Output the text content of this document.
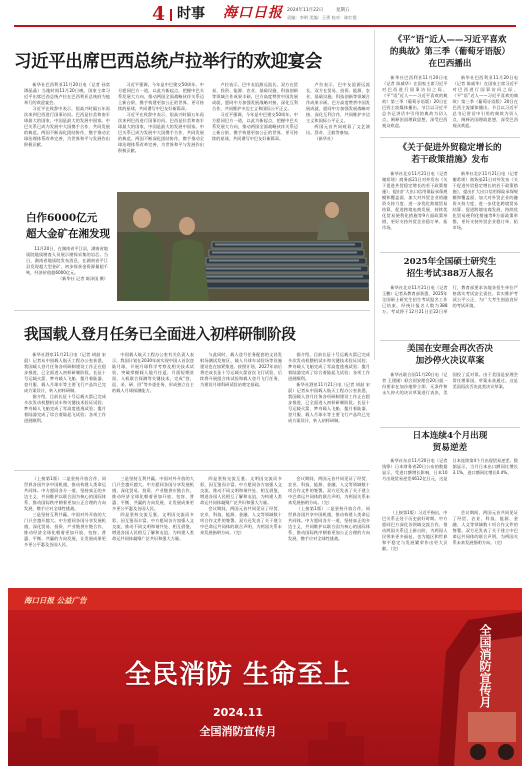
4 时事 海口日报 2024年11月22日	星期五
责编：李明 美编：王勇 校对：陈红霞
习近平出席巴西总统卢拉举行的欢迎宴会

新华社巴西利亚11月20日电（记者 孙奕 谭晶晶）当地时间11月20日晚，国家主席习近平出席巴西总统卢拉在巴西利亚总统府为他举行的欢迎宴会。

习近平在致辞中表示，很高兴时隔五年再次来到巴西进行国事访问。巴西是拉美和南半球最大的国家，中国是最大的发展中国家。中巴关系已成为发展中大国携手合作、共同发展的典范。两国不断深化团结协作，携手推动全球治理体系改革完善，为世界和平与发展作出积极贡献。

习近平强调，今年是中巴建交50周年。中方愿同巴方一道，以此为新起点，把握中巴关系发展大方向，推动两国全面战略伙伴关系迈上新台阶，携手构建更加公正的世界、更可持续的星球，共同谱写中巴友好新篇章。

习近平在致辞中表示，很高兴时隔五年再次来到巴西进行国事访问。巴西是拉美和南半球最大的国家，中国是最大的发展中国家。中巴关系已成为发展中大国携手合作、共同发展的典范。两国不断深化团结协作，携手推动全球治理体系改革完善，为世界和平与发展作出积极贡献。

卢拉表示，巴中友谊源远流长，双方在贸易、投资、能源、农业、基础设施、科技创新等领域合作成果丰硕。巴方高度赞赏中国发展成就，愿同中方加强发展战略对接，深化互利合作，共同维护多边主义和国际公平正义。

习近平强调，今年是中巴建交50周年。中方愿同巴方一道，以此为新起点，把握中巴关系发展大方向，推动两国全面战略伙伴关系迈上新台阶，携手构建更加公正的世界、更可持续的星球，共同谱写中巴友好新篇章。

卢拉表示，巴中友谊源远流长，双方在贸易、投资、能源、农业、基础设施、科技创新等领域合作成果丰硕。巴方高度赞赏中国发展成就，愿同中方加强发展战略对接，深化互利合作，共同维护多边主义和国际公平正义。

两国元首共同观看了文艺演出。蔡奇、王毅等参加。

（新华社）

白作6000亿元
超大金矿在湘发现

11月20日，在湖南省平江县，湖南省地质院地质勘查人员展示勘探采集的岩芯。当日，湖南省地质院发布消息，在湖南省平江县发现超大型金矿，初步探获金资源量超千吨，经济价值超6000亿元。

（新华社 记者 陈泽国 摄）

《平“语”近人——习近平喜欢
的典故》第三季（葡萄牙语版）
在巴西播出

新华社巴西利亚11月20日电（记者 陈威华）在国家主席习近平对巴西进行国事访问之际，《平“语”近人——习近平喜欢的典故》第三季（葡萄牙语版）20日在巴西主流媒体播出。节目以习近平总书记讲话中引用的典故为切入点，阐释治国理政思想，深受巴西观众欢迎。

新华社巴西利亚11月20日电（记者 陈威华）在国家主席习近平对巴西进行国事访问之际，《平“语”近人——习近平喜欢的典故》第三季（葡萄牙语版）20日在巴西主流媒体播出。节目以习近平总书记讲话中引用的典故为切入点，阐释治国理政思想，深受巴西观众欢迎。

《关于促进外贸稳定增长的
若干政策措施》发布

新华社北京11月21日电（记者 谢希瑶）商务部21日对外发布《关于促进外贸稳定增长的若干政策措施》，提出扩大出口信用保险承保规模和覆盖面、加大对外贸企业的融资支持力度、进一步优化跨境贸易结算、促进跨境电商发展、持续优化贸易便利化措施等9方面政策举措，更好支持外贸企业稳订单、拓市场。

新华社北京11月21日电（记者 谢希瑶）商务部21日对外发布《关于促进外贸稳定增长的若干政策措施》，提出扩大出口信用保险承保规模和覆盖面、加大对外贸企业的融资支持力度、进一步优化跨境贸易结算、促进跨境电商发展、持续优化贸易便利化措施等9方面政策举措，更好支持外贸企业稳订单、拓市场。

2025年全国硕士研究生
招生考试388万人报名

新华社北京11月21日电（记者 王鹏）记者从教育部获悉，2025年全国硕士研究生招生考试报名工作已结束，经统计报名人数为388万。考试将于12月21日至22日举行，教育部要求各地各招生单位严格落实考试安全责任，切实维护考试公平公正，为广大考生创造良好的考试环境。

美国在安理会再次否决
加沙停火决议草案

新华社联合国11月20日电（记者 王建刚）联合国安理会20日就一份要求在加沙地带立即、无条件和永久停火的决议草案进行表决，美国投了反对票。由于美国是安理会常任理事国，草案未获通过。这是美国再次否决此类决议草案。

日本连续4个月出现
贸易逆差

新华社东京11月20日电（记者 钱铮）日本财务省20日公布的数据显示，受进口额增长影响，日本10月出现贸易逆差4612亿日元，这是日本连续第4个月出现贸易逆差。数据显示，当月日本出口额同比增长3.1%，进口额同比增长0.4%。

我国载人登月任务已全面进入初样研制阶段

新华社酒泉11月21日电（记者 胡喆 宋晨）记者从中国载人航天工程办公室获悉，我国载人登月任务各项研制建设工作正在稳步推进，已全面进入初样研制阶段。长征十号运载火箭、梦舟载人飞船、揽月着陆器、登月服、载人月球车等主要飞行产品均已完成方案设计，转入初样研制。

据介绍，目前长征十号运载火箭已完成多次发动机整机试车和关键技术验证试验；梦舟载人飞船完成了零高度逃逸试验；揽月着陆器完成了综合着陆起飞试验；各项工作进展顺利。

中国载人航天工程办公室有关负责人表示，我国计划在2030年前实现中国人首次登陆月球，开展月球科学考察及相关技术试验，突破掌握载人地月往返、月面短期驻留、人机联合探测等关键技术，完成“登、巡、采、研、回”等多重任务，形成独立自主的载人月球探测能力。

与此同时，载人登月任务配套的文昌发射场测试发射区、载人月球车试验场等设施建设也在加紧推进。按照计划，2027年前后将完成长征十号运载火箭首次飞行试验，后续将开展组合体试验和载人登月飞行任务，为建设月球科研试验站奠定基础。

据介绍，目前长征十号运载火箭已完成多次发动机整机试车和关键技术验证试验；梦舟载人飞船完成了零高度逃逸试验；揽月着陆器完成了综合着陆起飞试验；各项工作进展顺利。

新华社酒泉11月21日电（记者 胡喆 宋晨）记者从中国载人航天工程办公室获悉，我国载人登月任务各项研制建设工作正在稳步推进，已全面进入初样研制阶段。长征十号运载火箭、梦舟载人飞船、揽月着陆器、登月服、载人月球车等主要飞行产品均已完成方案设计，转入初样研制。

（上接第1版）二是坚持开放合作，同世界各国共享中国机遇，推动构建人类命运共同体。中方愿同各方一道，坚持真正的多边主义，共同维护以联合国为核心的国际体系，推动国际秩序朝着更加公正合理的方向发展，携手应对全球性挑战。

三是坚持互利共赢。中国对外开放的大门只会越开越大。中方愿同各国分享发展机遇，深化贸易、投资、产业链供应链合作，推动经济全球化朝着更加开放、包容、普惠、平衡、共赢的方向发展，让发展成果更多更公平惠及各国人民。

三是坚持互利共赢。中国对外开放的大门只会越开越大。中方愿同各国分享发展机遇，深化贸易、投资、产业链供应链合作，推动经济全球化朝着更加开放、包容、普惠、平衡、共赢的方向发展，让发展成果更多更公平惠及各国人民。

四是坚持交流互鉴。文明因交流而多彩，因互鉴而丰富。中方愿同各方加强人文交流，推动不同文明和谐共处、相互借鉴，增进各国人民相互了解和友谊，为构建人类命运共同体凝聚广泛共识和强大力量。

四是坚持交流互鉴。文明因交流而多彩，因互鉴而丰富。中方愿同各方加强人文交流，推动不同文明和谐共处、相互借鉴，增进各国人民相互了解和友谊，为构建人类命运共同体凝聚广泛共识和强大力量。

会议期间，两国元首共同见证了经贸、农业、科技、能源、金融、人文等领域数十项合作文件的签署。双方还发表了关于建立中巴命运共同体的联合声明，为两国关系未来发展指明方向。（完）

会议期间，两国元首共同见证了经贸、农业、科技、能源、金融、人文等领域数十项合作文件的签署。双方还发表了关于建立中巴命运共同体的联合声明，为两国关系未来发展指明方向。（完）

（上接第1版）二是坚持开放合作，同世界各国共享中国机遇，推动构建人类命运共同体。中方愿同各方一道，坚持真正的多边主义，共同维护以联合国为核心的国际体系，推动国际秩序朝着更加公正合理的方向发展，携手应对全球性挑战。

（上接第1版）习近平指出，中巴关系正处于历史最好时期。中方愿同巴方深化各领域交流合作，推动两国关系迈上新台阶，为两国人民带来更多福祉，也为地区和世界和平稳定与发展繁荣作出更大贡献。（完）

会议期间，两国元首共同见证了经贸、农业、科技、能源、金融、人文等领域数十项合作文件的签署。双方还发表了关于建立中巴命运共同体的联合声明，为两国关系未来发展指明方向。（完）

海口日报 公益广告
全民消防 生命至上
2024.11
全国消防宣传月
全国消防宣传月
